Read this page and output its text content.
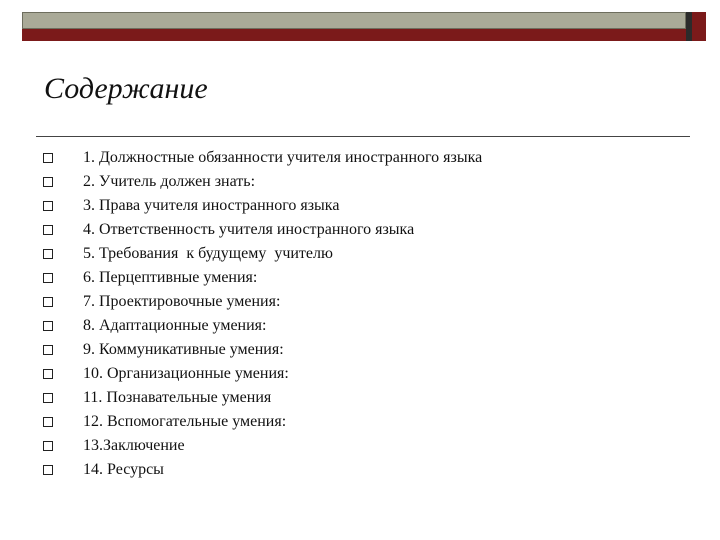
Содержание
1. Должностные обязанности учителя иностранного языка
2. Учитель должен знать:
3. Права учителя иностранного языка
4. Ответственность учителя иностранного языка
5. Требования  к будущему  учителю
6. Перцептивные умения:
7. Проектировочные умения:
8. Адаптационные умения:
9. Коммуникативные умения:
10. Организационные умения:
11. Познавательные умения
12. Вспомогательные умения:
13.Заключение
14. Ресурсы
